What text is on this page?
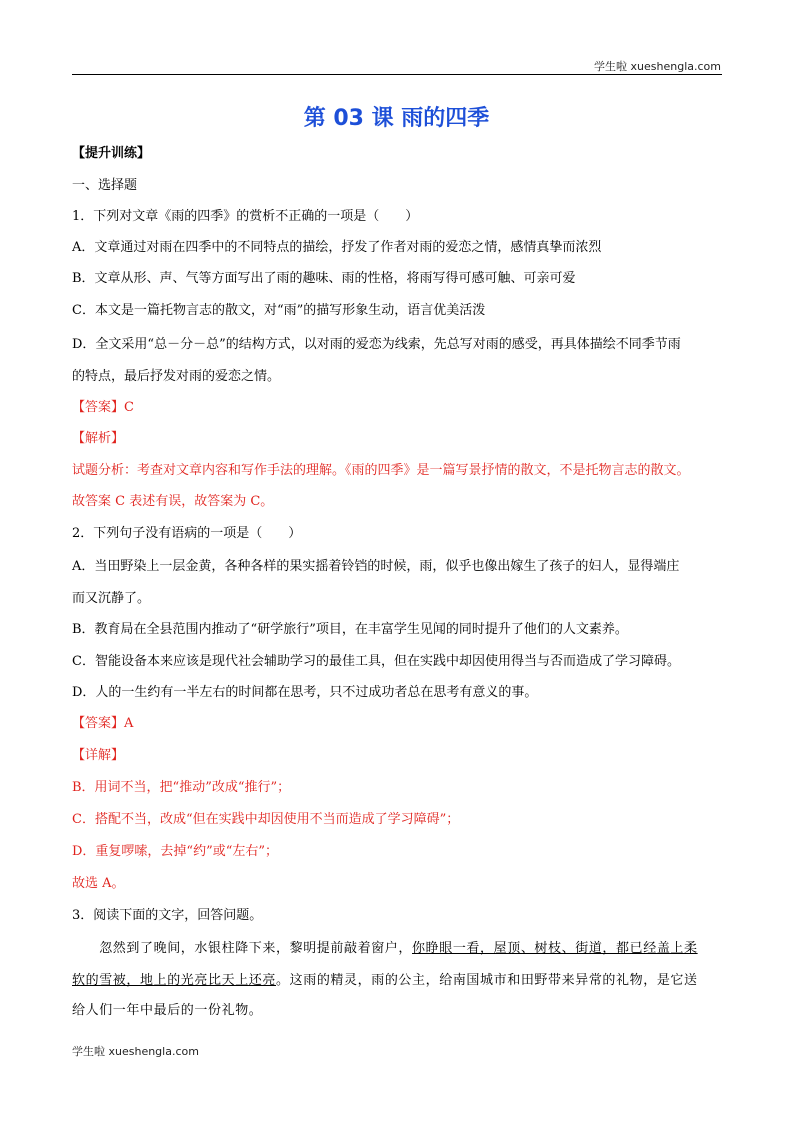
学生啦 xueshengla.com
第 03 课 雨的四季
【提升训练】
一、选择题
1．下列对文章《雨的四季》的赏析不正确的一项是（　　）
A．文章通过对雨在四季中的不同特点的描绘，抒发了作者对雨的爱恋之情，感情真挚而浓烈
B．文章从形、声、气等方面写出了雨的趣味、雨的性格，将雨写得可感可触、可亲可爱
C．本文是一篇托物言志的散文，对“雨”的描写形象生动，语言优美活泼
D．全文采用“总－分－总”的结构方式，以对雨的爱恋为线索，先总写对雨的感受，再具体描绘不同季节雨
的特点，最后抒发对雨的爱恋之情。
【答案】C
【解析】
试题分析：考查对文章内容和写作手法的理解。《雨的四季》是一篇写景抒情的散文，不是托物言志的散文。
故答案 C 表述有误，故答案为 C。
2．下列句子没有语病的一项是（　　）
A．当田野染上一层金黄，各种各样的果实摇着铃铛的时候，雨，似乎也像出嫁生了孩子的妇人，显得端庄
而又沉静了。
B．教育局在全县范围内推动了“研学旅行”项目，在丰富学生见闻的同时提升了他们的人文素养。
C．智能设备本来应该是现代社会辅助学习的最佳工具，但在实践中却因使用得当与否而造成了学习障碍。
D．人的一生约有一半左右的时间都在思考，只不过成功者总在思考有意义的事。
【答案】A
【详解】
B．用词不当，把“推动”改成“推行”；
C．搭配不当，改成“但在实践中却因使用不当而造成了学习障碍”；
D．重复啰嗦，去掉“约”或“左右”；
故选 A。
3．阅读下面的文字，回答问题。
　　忽然到了晚间，水银柱降下来，黎明提前敲着窗户，你睁眼一看，屋顶、树枝、街道，都已经盖上柔
软的雪被，地上的光亮比天上还亮。这雨的精灵，雨的公主，给南国城市和田野带来异常的礼物，是它送
给人们一年中最后的一份礼物。
学生啦 xueshengla.com
